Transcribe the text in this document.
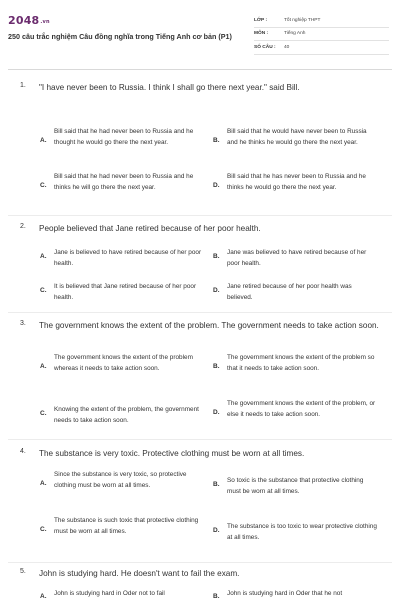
$2048^{.vn}$
250 câu trắc nghiệm Câu đồng nghĩa trong Tiếng Anh cơ bản (P1)
LỚP :	Tốt nghiệp THPT
MÔN :	Tiếng Anh
SỐ CÂU : 40
1. "I have never been to Russia. I think I shall go there next year." said Bill.
A.
Bill said that he had never been to Russia and he thought he would go there the next year.	B.
Bill said that he would have never been to Russia and he thinks he would go there the next year.
C.
Bill said that he had never been to Russia and he thinks he will go there the next year.	D.
Bill said that he has never been to Russia and he thinks he would go there the next year.
2. People believed that Jane retired because of her poor health.
A.
Jane is believed to have retired because of her poor health.
B.
Jane was believed to have retired because of her poor health.
C.
It is believed that Jane retired because of her poor health.
D.
Jane retired because of her poor health was believed.
3. The government knows the extent of the problem. The government needs to take action soon.
A.
The government knows the extent of the problem whereas it needs to take action soon.	B.
The government knows the extent of the problem so that it needs to take action soon.
C.
Knowing the extent of the problem, the government needs to take action soon.
D.
The government knows the extent of the problem, or else it needs to take action soon.
4. The substance is very toxic. Protective clothing must be worn at all times.
A.
Since the substance is very toxic, so protective clothing must be worn at all times.	B.
So toxic is the substance that protective clothing must be worn at all times.
C.
The substance is such toxic that protective clothing must be worn at all times.	D.
The substance is too toxic to wear protective clothing at all times.
5. John is studying hard. He doesn't want to fail the exam.
A. John is studying hard in Oder not to fail	B. John is studying hard in Oder that he not
